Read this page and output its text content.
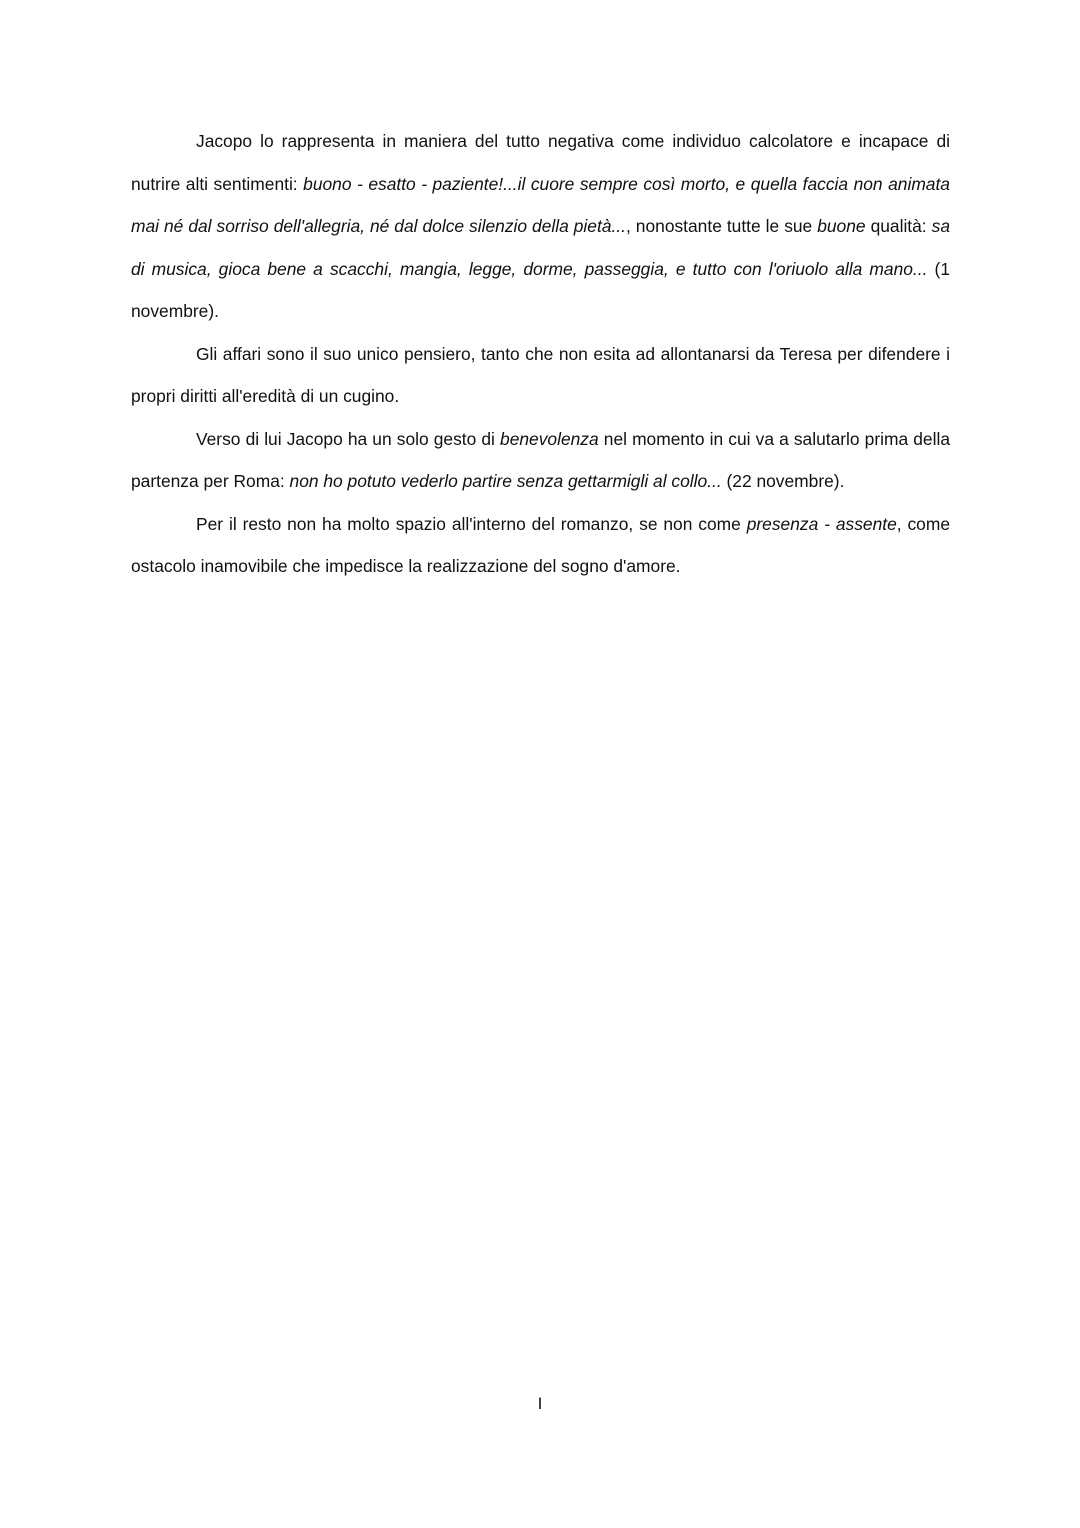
Jacopo lo rappresenta in maniera del tutto negativa come individuo calcolatore e incapace di nutrire alti sentimenti: buono - esatto - paziente!...il cuore sempre così morto, e quella faccia non animata mai né dal sorriso dell'allegria, né dal dolce silenzio della pietà..., nonostante tutte le sue buone qualità: sa di musica, gioca bene a scacchi, mangia, legge, dorme, passeggia, e tutto con l'oriuolo alla mano... (1 novembre).

Gli affari sono il suo unico pensiero, tanto che non esita ad allontanarsi da Teresa per difendere i propri diritti all'eredità di un cugino.

Verso di lui Jacopo ha un solo gesto di benevolenza nel momento in cui va a salutarlo prima della partenza per Roma: non ho potuto vederlo partire senza gettarmigli al collo... (22 novembre).

Per il resto non ha molto spazio all'interno del romanzo, se non come presenza - assente, come ostacolo inamovibile che impedisce la realizzazione del sogno d'amore.

I
